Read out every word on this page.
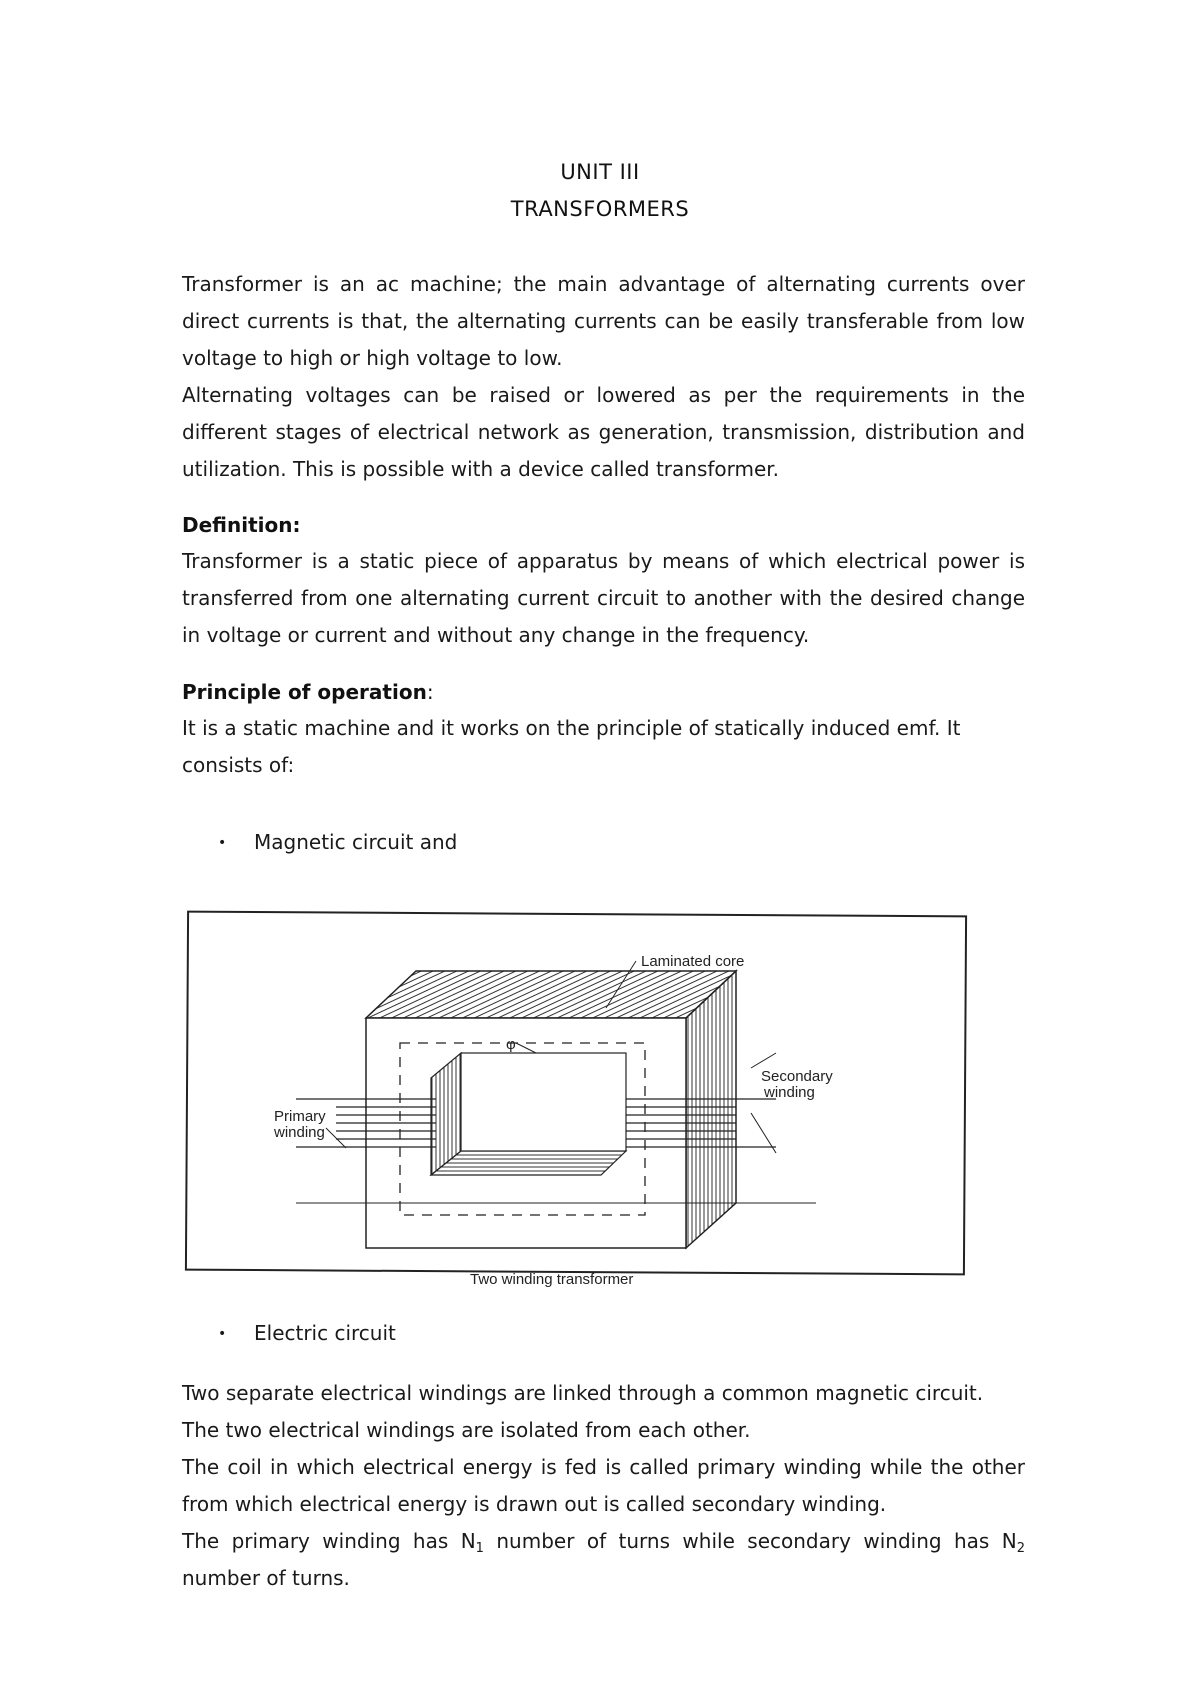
UNIT III
TRANSFORMERS
Transformer is an ac machine; the main advantage of alternating currents over direct currents is that, the alternating currents can be easily transferable from low voltage to high or high voltage to low.
Alternating voltages can be raised or lowered as per the requirements in the different stages of electrical network as generation, transmission, distribution and utilization. This is possible with a device called transformer.
Definition:
Transformer is a static piece of apparatus by means of which electrical power is transferred from one alternating current circuit to another with the desired change in voltage or current and without any change in the frequency.
Principle of operation:
It is a static machine and it works on the principle of statically induced emf. It
consists of:
• Magnetic circuit and
φ
Laminated core
Secondary
winding
Primary
winding
Two winding transformer
• Electric circuit
Two separate electrical windings are linked through a common magnetic circuit.
The two electrical windings are isolated from each other.
The coil in which electrical energy is fed is called primary winding while the other from which electrical energy is drawn out is called secondary winding.
The primary winding has $N_1$ number of turns while secondary winding has $N_2$ number of turns.
